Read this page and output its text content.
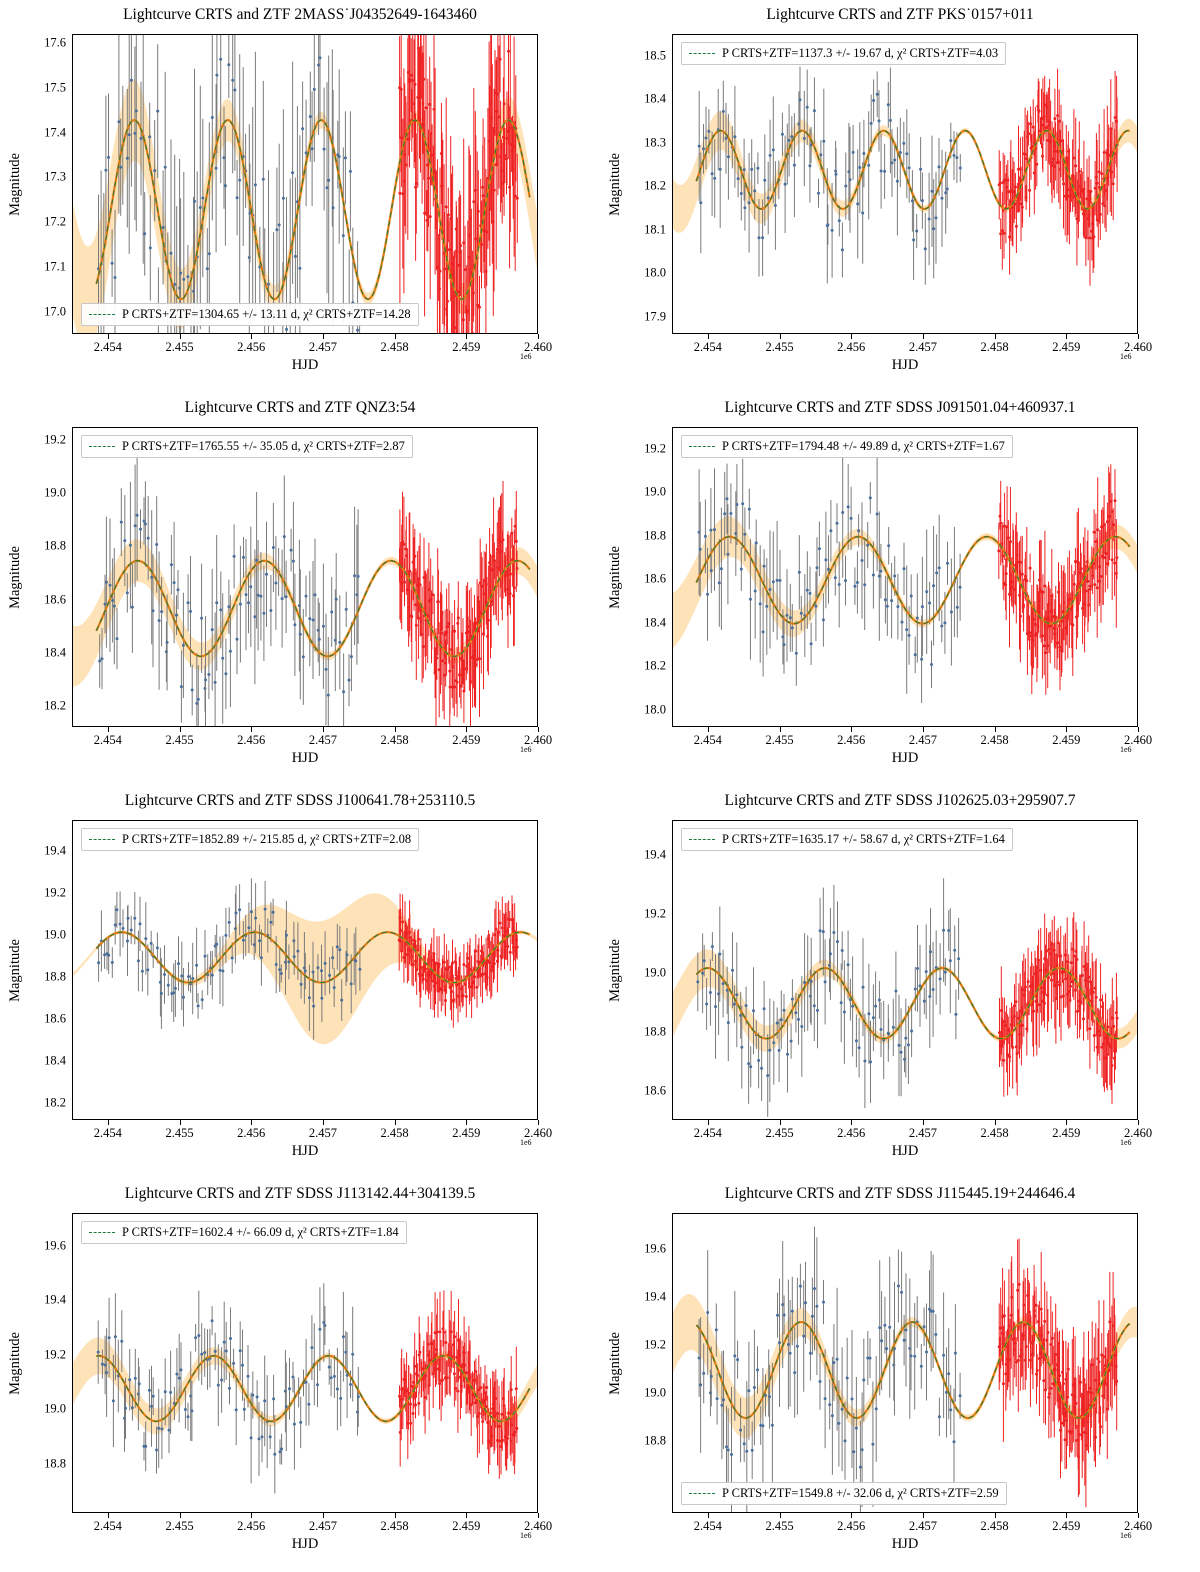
Lightcurve CRTS and ZTF 2MASS˙J04352649-1643460
Magnitude
HJD
1e6
17.0
17.1
17.2
17.3
17.4
17.5
17.6
2.454	2.455	2.456	2.457	2.458	2.459	2.460
P CRTS+ZTF=1304.65 +/- 13.11 d, χ² CRTS+ZTF=14.28
Lightcurve CRTS and ZTF PKS˙0157+011
Magnitude
HJD
1e6
17.9
18.0
18.1
18.2
18.3
18.4
18.5
2.454	2.455	2.456	2.457	2.458	2.459	2.460
P CRTS+ZTF=1137.3 +/- 19.67 d, χ² CRTS+ZTF=4.03
Lightcurve CRTS and ZTF QNZ3:54
Magnitude
HJD
1e6
18.2
18.4
18.6
18.8
19.0
19.2
2.454	2.455	2.456	2.457	2.458	2.459	2.460
P CRTS+ZTF=1765.55 +/- 35.05 d, χ² CRTS+ZTF=2.87
Lightcurve CRTS and ZTF SDSS J091501.04+460937.1
Magnitude
HJD
1e6
18.0
18.2
18.4
18.6
18.8
19.0
19.2
2.454	2.455	2.456	2.457	2.458	2.459	2.460
P CRTS+ZTF=1794.48 +/- 49.89 d, χ² CRTS+ZTF=1.67
Lightcurve CRTS and ZTF SDSS J100641.78+253110.5
Magnitude
HJD
1e6
18.2
18.4
18.6
18.8
19.0
19.2
19.4
2.454	2.455	2.456	2.457	2.458	2.459	2.460
P CRTS+ZTF=1852.89 +/- 215.85 d, χ² CRTS+ZTF=2.08
Lightcurve CRTS and ZTF SDSS J102625.03+295907.7
Magnitude
HJD
1e6
18.6
18.8
19.0
19.2
19.4
2.454	2.455	2.456	2.457	2.458	2.459	2.460
P CRTS+ZTF=1635.17 +/- 58.67 d, χ² CRTS+ZTF=1.64
Lightcurve CRTS and ZTF SDSS J113142.44+304139.5
Magnitude
HJD
1e6
18.8
19.0
19.2
19.4
19.6
2.454	2.455	2.456	2.457	2.458	2.459	2.460
P CRTS+ZTF=1602.4 +/- 66.09 d, χ² CRTS+ZTF=1.84
Lightcurve CRTS and ZTF SDSS J115445.19+244646.4
Magnitude
HJD
1e6
18.8
19.0
19.2
19.4
19.6
2.454	2.455	2.456	2.457	2.458	2.459	2.460
P CRTS+ZTF=1549.8 +/- 32.06 d, χ² CRTS+ZTF=2.59
